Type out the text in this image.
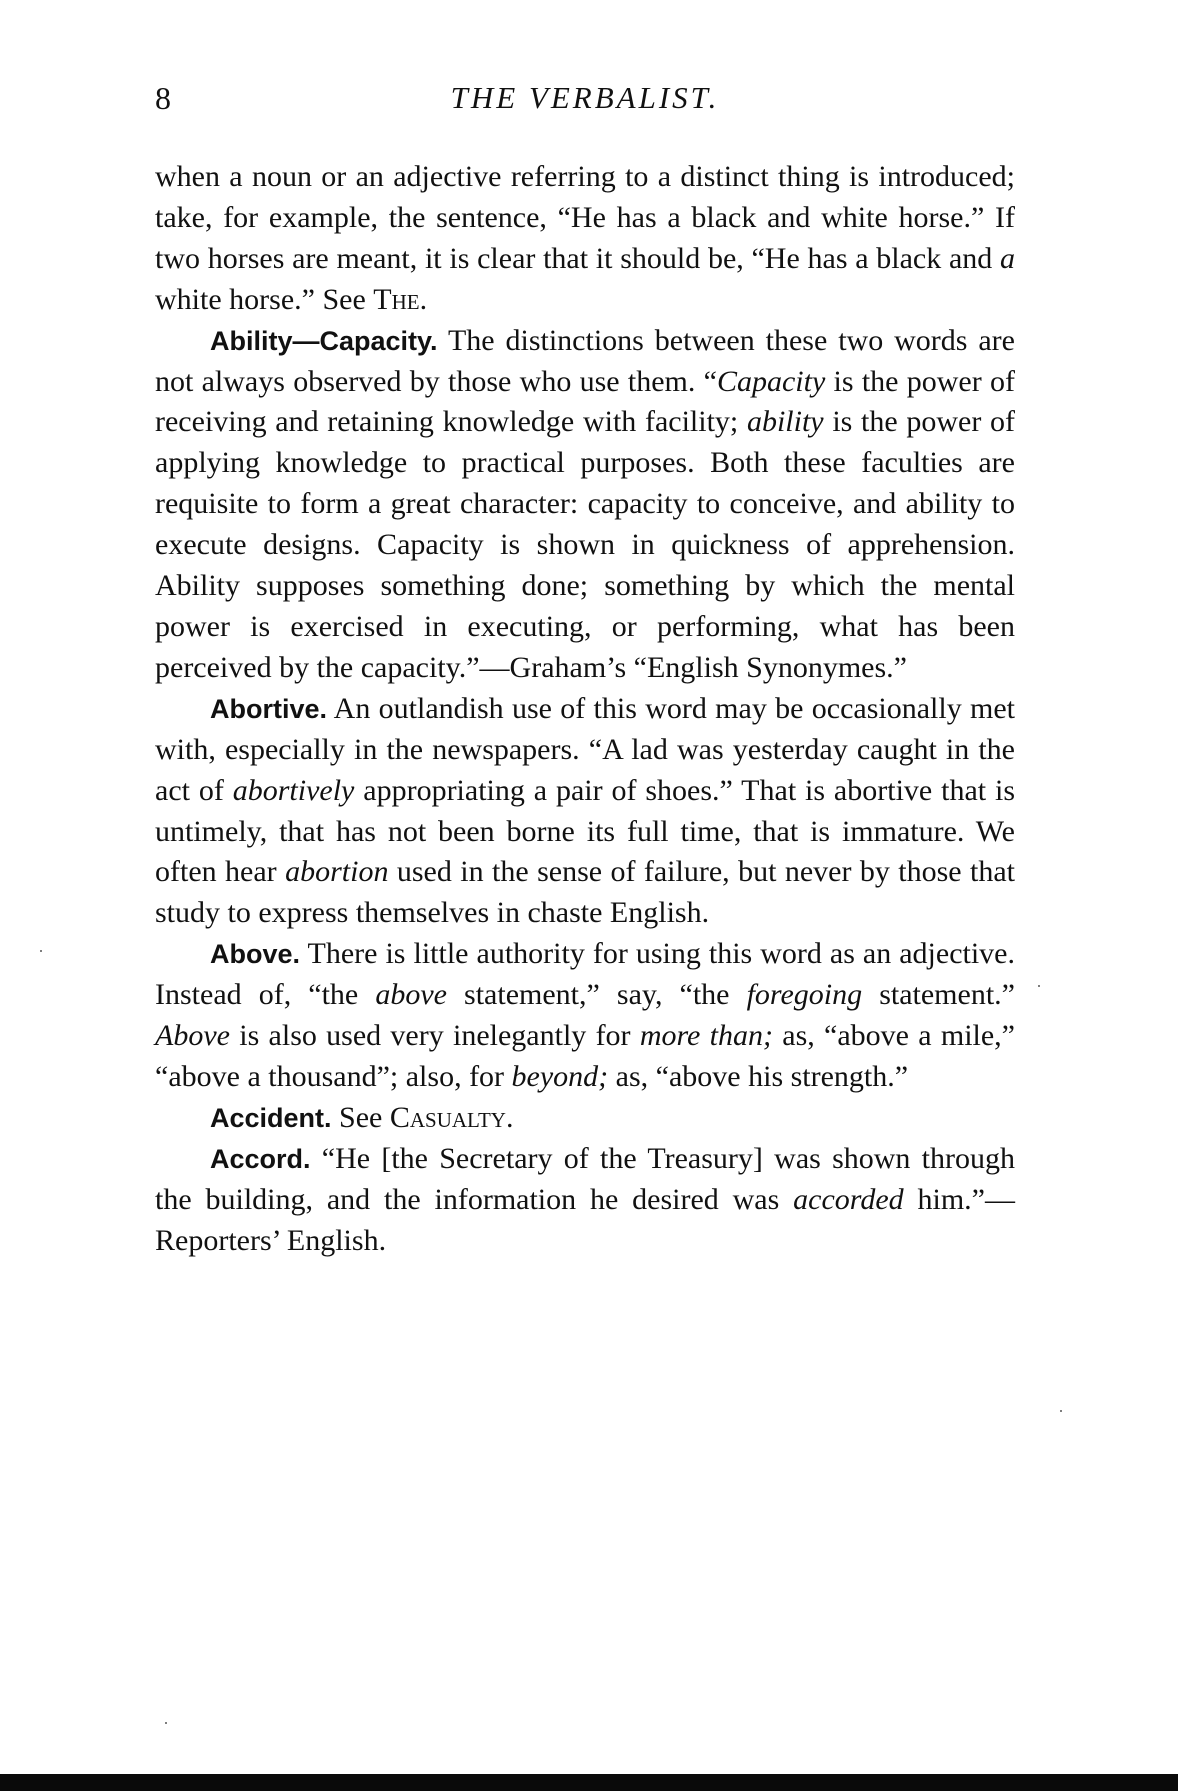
8	THE VERBALIST.

when a noun or an adjective referring to a distinct thing is introduced; take, for example, the sentence, “He has a black and white horse.” If two horses are meant, it is clear that it should be, “He has a black and a white horse.” See The.

Ability—Capacity. The distinctions between these two words are not always observed by those who use them. “Capacity is the power of receiving and retaining knowledge with facility; ability is the power of applying knowledge to practical purposes. Both these faculties are requisite to form a great character: capacity to conceive, and ability to execute designs. Capacity is shown in quickness of apprehension. Ability supposes something done; something by which the mental power is exercised in executing, or performing, what has been perceived by the capacity.”—Graham’s “English Synonymes.”

Abortive. An outlandish use of this word may be occasionally met with, especially in the newspapers. “A lad was yesterday caught in the act of abortively appropriating a pair of shoes.” That is abortive that is untimely, that has not been borne its full time, that is immature. We often hear abortion used in the sense of failure, but never by those that study to express themselves in chaste English.

Above. There is little authority for using this word as an adjective. Instead of, “the above statement,” say, “the foregoing statement.” Above is also used very inelegantly for more than; as, “above a mile,” “above a thousand”; also, for beyond; as, “above his strength.”

Accident. See Casualty.

Accord. “He [the Secretary of the Treasury] was shown through the building, and the information he desired was accorded him.”—Reporters’ English.
